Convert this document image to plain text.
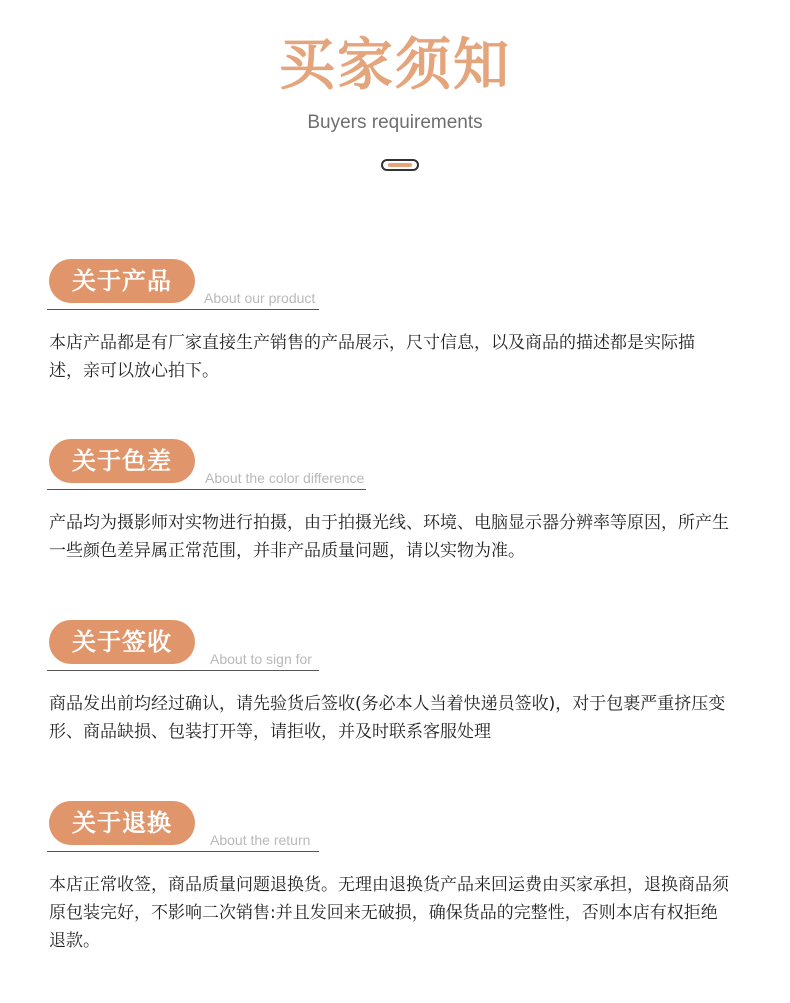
买家须知
Buyers requirements
关于产品
About our product
本店产品都是有厂家直接生产销售的产品展示，尺寸信息，以及商品的描述都是实际描述，亲可以放心拍下。
关于色差
About the color difference
产品均为摄影师对实物进行拍摄，由于拍摄光线、环境、电脑显示器分辨率等原因，所产生一些颜色差异属正常范围，并非产品质量问题，请以实物为准。
关于签收
About to sign for
商品发出前均经过确认，请先验货后签收(务必本人当着快递员签收)，对于包裹严重挤压变形、商品缺损、包装打开等，请拒收，并及时联系客服处理
关于退换
About the return
本店正常收签，商品质量问题退换货。无理由退换货产品来回运费由买家承担，退换商品须原包装完好，不影响二次销售:并且发回来无破损，确保货品的完整性，否则本店有权拒绝退款。
